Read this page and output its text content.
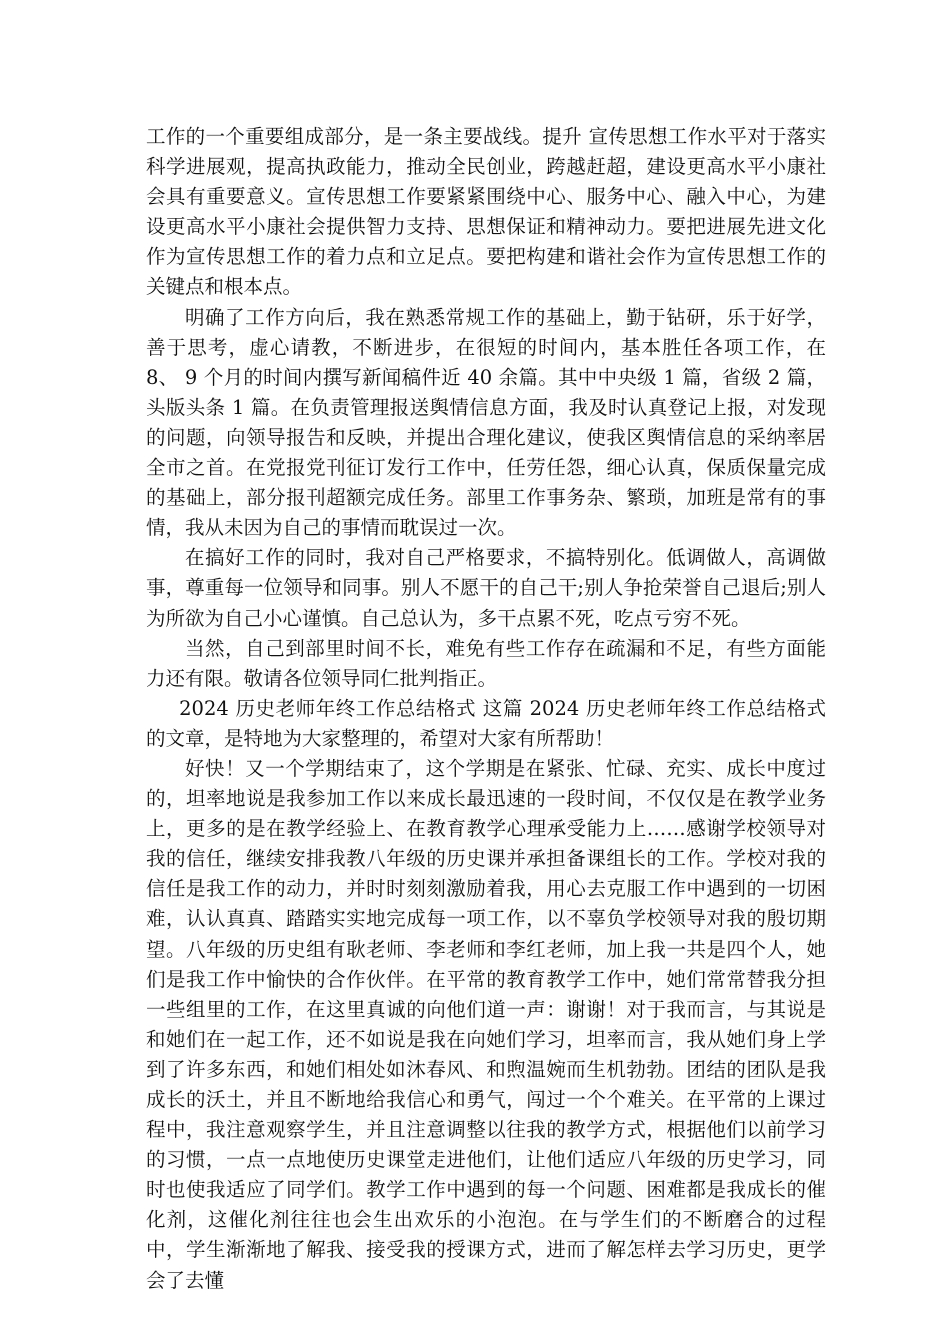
工作的一个重要组成部分，是一条主要战线。提升 宣传思想工作水平对于落实科学进展观，提高执政能力，推动全民创业，跨越赶超，建设更高水平小康社会具有重要意义。宣传思想工作要紧紧围绕中心、服务中心、融入中心，为建设更高水平小康社会提供智力支持、思想保证和精神动力。要把进展先进文化作为宣传思想工作的着力点和立足点。要把构建和谐社会作为宣传思想工作的关键点和根本点。

明确了工作方向后，我在熟悉常规工作的基础上，勤于钻研，乐于好学，善于思考，虚心请教，不断进步，在很短的时间内，基本胜任各项工作，在 8、 9 个月的时间内撰写新闻稿件近 40 余篇。其中中央级 1 篇，省级 2 篇，头版头条 1 篇。在负责管理报送舆情信息方面，我及时认真登记上报，对发现的问题，向领导报告和反映，并提出合理化建议，使我区舆情信息的采纳率居全市之首。在党报党刊征订发行工作中，任劳任怨，细心认真，保质保量完成的基础上，部分报刊超额完成任务。部里工作事务杂、繁琐，加班是常有的事情，我从未因为自己的事情而耽误过一次。

在搞好工作的同时，我对自己严格要求，不搞特别化。低调做人，高调做事，尊重每一位领导和同事。别人不愿干的自己干;别人争抢荣誉自己退后;别人为所欲为自己小心谨慎。自己总认为，多干点累不死，吃点亏穷不死。

当然，自己到部里时间不长，难免有些工作存在疏漏和不足，有些方面能力还有限。敬请各位领导同仁批判指正。

2024 历史老师年终工作总结格式 这篇 2024 历史老师年终工作总结格式的文章，是特地为大家整理的，希望对大家有所帮助！

好快！又一个学期结束了，这个学期是在紧张、忙碌、充实、成长中度过的，坦率地说是我参加工作以来成长最迅速的一段时间，不仅仅是在教学业务上，更多的是在教学经验上、在教育教学心理承受能力上……感谢学校领导对我的信任，继续安排我教八年级的历史课并承担备课组长的工作。学校对我的信任是我工作的动力，并时时刻刻激励着我，用心去克服工作中遇到的一切困难，认认真真、踏踏实实地完成每一项工作，以不辜负学校领导对我的殷切期望。八年级的历史组有耿老师、李老师和李红老师，加上我一共是四个人，她们是我工作中愉快的合作伙伴。在平常的教育教学工作中，她们常常替我分担一些组里的工作，在这里真诚的向他们道一声：谢谢！对于我而言，与其说是和她们在一起工作，还不如说是我在向她们学习，坦率而言，我从她们身上学到了许多东西，和她们相处如沐春风、和煦温婉而生机勃勃。团结的团队是我成长的沃土，并且不断地给我信心和勇气，闯过一个个难关。在平常的上课过程中，我注意观察学生，并且注意调整以往我的教学方式，根据他们以前学习的习惯，一点一点地使历史课堂走进他们，让他们适应八年级的历史学习，同时也使我适应了同学们。教学工作中遇到的每一个问题、困难都是我成长的催化剂，这催化剂往往也会生出欢乐的小泡泡。在与学生们的不断磨合的过程中，学生渐渐地了解我、接受我的授课方式，进而了解怎样去学习历史，更学会了去懂
